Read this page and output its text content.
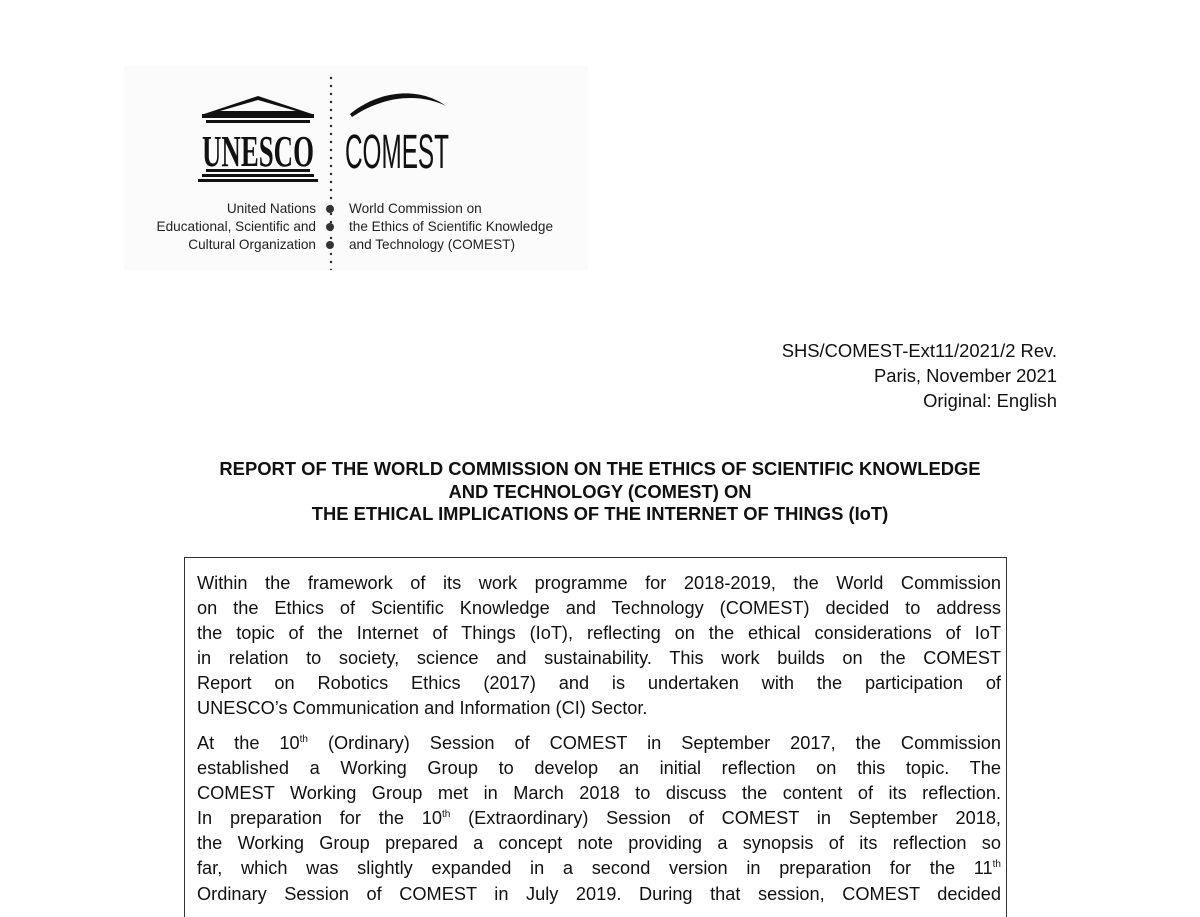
UNESCO COMEST
United Nations
Educational, Scientific and
Cultural Organization
World Commission on
the Ethics of Scientific Knowledge
and Technology (COMEST)
SHS/COMEST-Ext11/2021/2 Rev.
Paris, November 2021
Original: English
REPORT OF THE WORLD COMMISSION ON THE ETHICS OF SCIENTIFIC KNOWLEDGE
AND TECHNOLOGY (COMEST) ON
THE ETHICAL IMPLICATIONS OF THE INTERNET OF THINGS (IoT)

Within the framework of its work programme for 2018-2019, the World Commission
on the Ethics of Scientific Knowledge and Technology (COMEST) decided to address
the topic of the Internet of Things (IoT), reflecting on the ethical considerations of IoT
in relation to society, science and sustainability. This work builds on the COMEST
Report on Robotics Ethics (2017) and is undertaken with the participation of
UNESCO’s Communication and Information (CI) Sector.

At the 10th (Ordinary) Session of COMEST in September 2017, the Commission
established a Working Group to develop an initial reflection on this topic. The
COMEST Working Group met in March 2018 to discuss the content of its reflection.
In preparation for the 10th (Extraordinary) Session of COMEST in September 2018,
the Working Group prepared a concept note providing a synopsis of its reflection so
far, which was slightly expanded in a second version in preparation for the 11th
Ordinary Session of COMEST in July 2019. During that session, COMEST decided
